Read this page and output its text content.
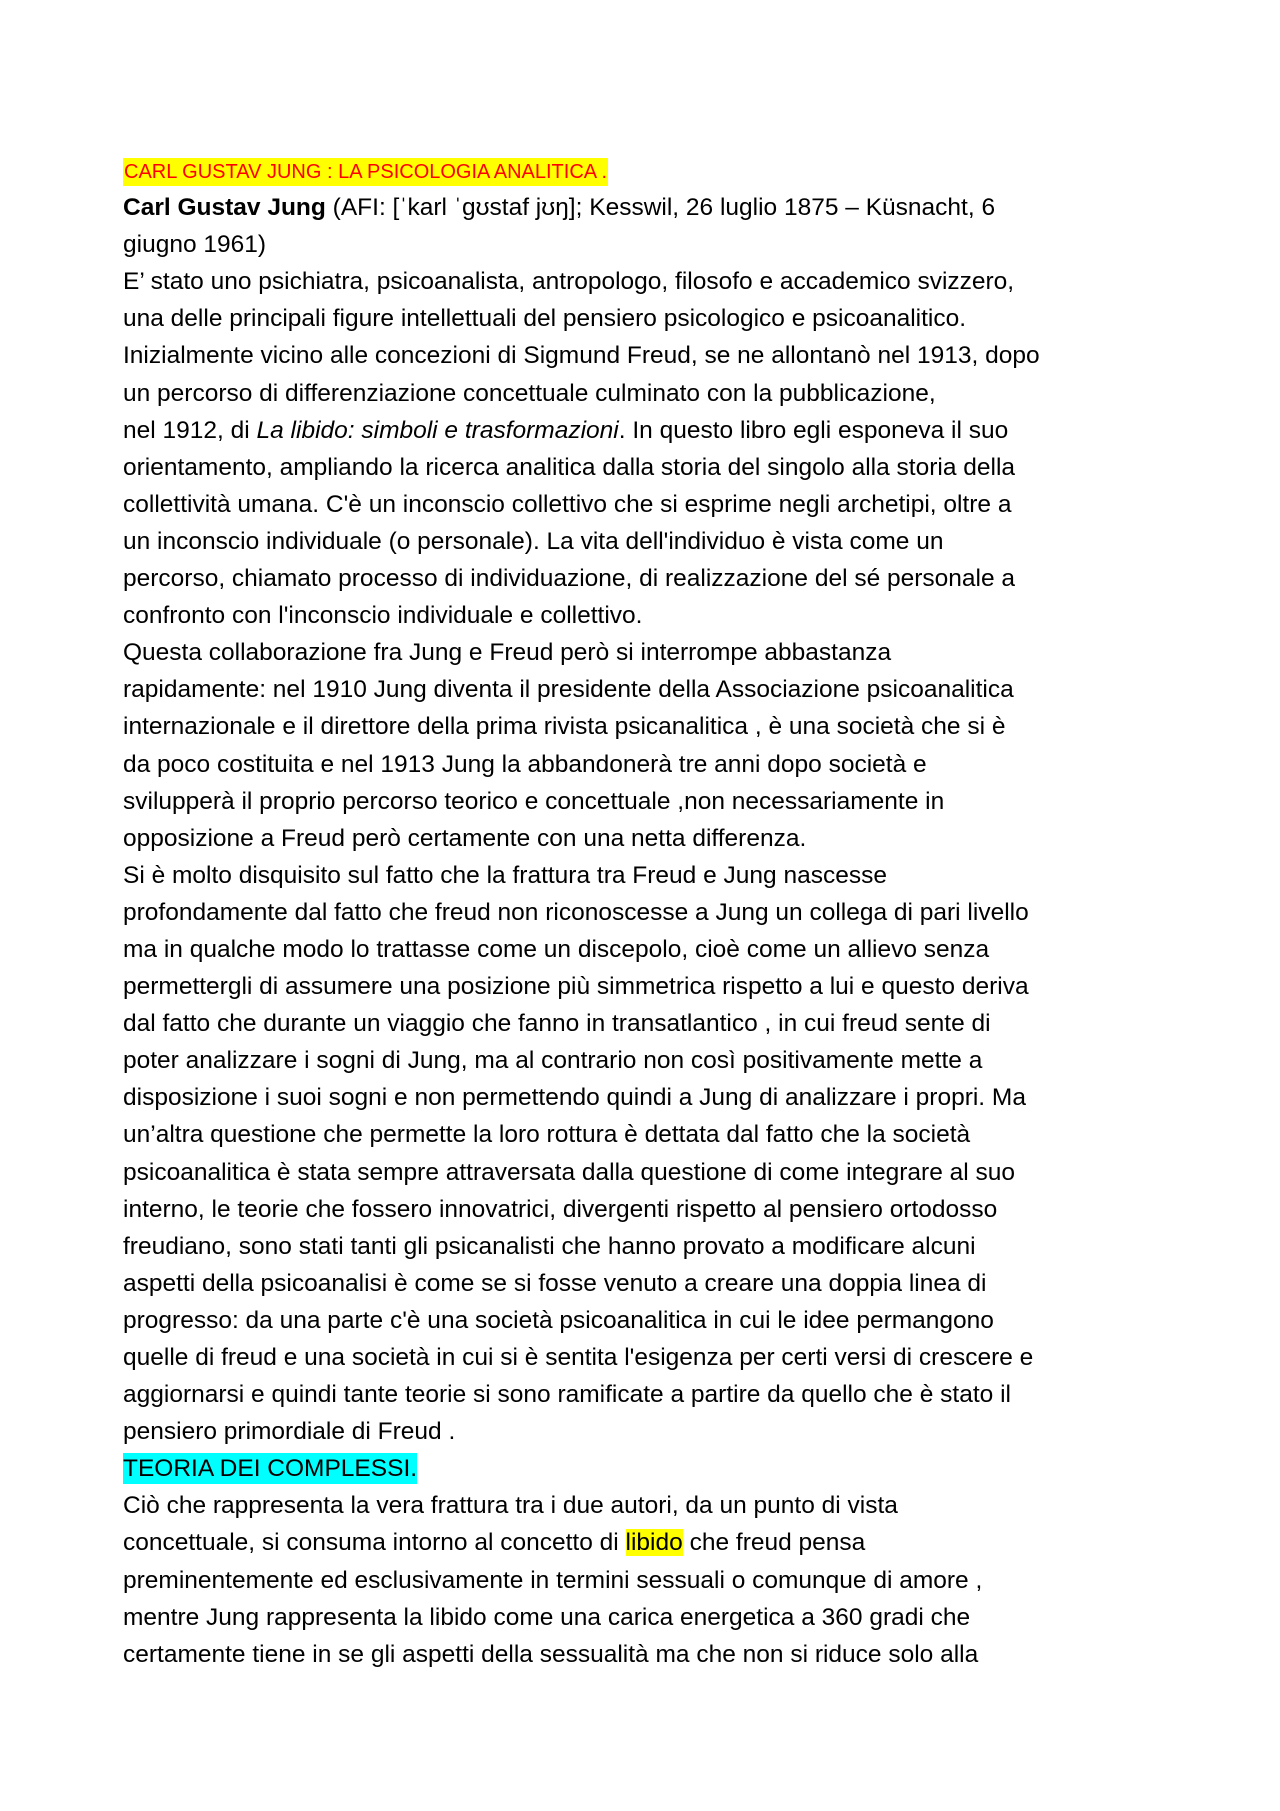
CARL GUSTAV JUNG : LA PSICOLOGIA ANALITICA .
Carl Gustav Jung (AFI: [ˈkarl ˈɡʊstaf jʊŋ]; Kesswil, 26 luglio 1875 – Küsnacht, 6
giugno 1961)
E’ stato uno psichiatra, psicoanalista, antropologo, filosofo e accademico svizzero,
una delle principali figure intellettuali del pensiero psicologico e psicoanalitico.
Inizialmente vicino alle concezioni di Sigmund Freud, se ne allontanò nel 1913, dopo
un percorso di differenziazione concettuale culminato con la pubblicazione,
nel 1912, di La libido: simboli e trasformazioni. In questo libro egli esponeva il suo
orientamento, ampliando la ricerca analitica dalla storia del singolo alla storia della
collettività umana. C'è un inconscio collettivo che si esprime negli archetipi, oltre a
un inconscio individuale (o personale). La vita dell'individuo è vista come un
percorso, chiamato processo di individuazione, di realizzazione del sé personale a
confronto con l'inconscio individuale e collettivo.
Questa collaborazione fra Jung e Freud però si interrompe abbastanza
rapidamente: nel 1910 Jung diventa il presidente della Associazione psicoanalitica
internazionale e il direttore della prima rivista psicanalitica , è una società che si è
da poco costituita e nel 1913 Jung la abbandonerà tre anni dopo società e
svilupperà il proprio percorso teorico e concettuale ,non necessariamente in
opposizione a Freud però certamente con una netta differenza.
Si è molto disquisito sul fatto che la frattura tra Freud e Jung nascesse
profondamente dal fatto che freud non riconoscesse a Jung un collega di pari livello
ma in qualche modo lo trattasse come un discepolo, cioè come un allievo senza
permettergli di assumere una posizione più simmetrica rispetto a lui e questo deriva
dal fatto che durante un viaggio che fanno in transatlantico , in cui freud sente di
poter analizzare i sogni di Jung, ma al contrario non così positivamente mette a
disposizione i suoi sogni e non permettendo quindi a Jung di analizzare i propri. Ma
un’altra questione che permette la loro rottura è dettata dal fatto che la società
psicoanalitica è stata sempre attraversata dalla questione di come integrare al suo
interno, le teorie che fossero innovatrici, divergenti rispetto al pensiero ortodosso
freudiano, sono stati tanti gli psicanalisti che hanno provato a modificare alcuni
aspetti della psicoanalisi è come se si fosse venuto a creare una doppia linea di
progresso: da una parte c'è una società psicoanalitica in cui le idee permangono
quelle di freud e una società in cui si è sentita l'esigenza per certi versi di crescere e
aggiornarsi e quindi tante teorie si sono ramificate a partire da quello che è stato il
pensiero primordiale di Freud .
TEORIA DEI COMPLESSI.
Ciò che rappresenta la vera frattura tra i due autori, da un punto di vista
concettuale, si consuma intorno al concetto di libido che freud pensa
preminentemente ed esclusivamente in termini sessuali o comunque di amore ,
mentre Jung rappresenta la libido come una carica energetica a 360 gradi che
certamente tiene in se gli aspetti della sessualità ma che non si riduce solo alla
